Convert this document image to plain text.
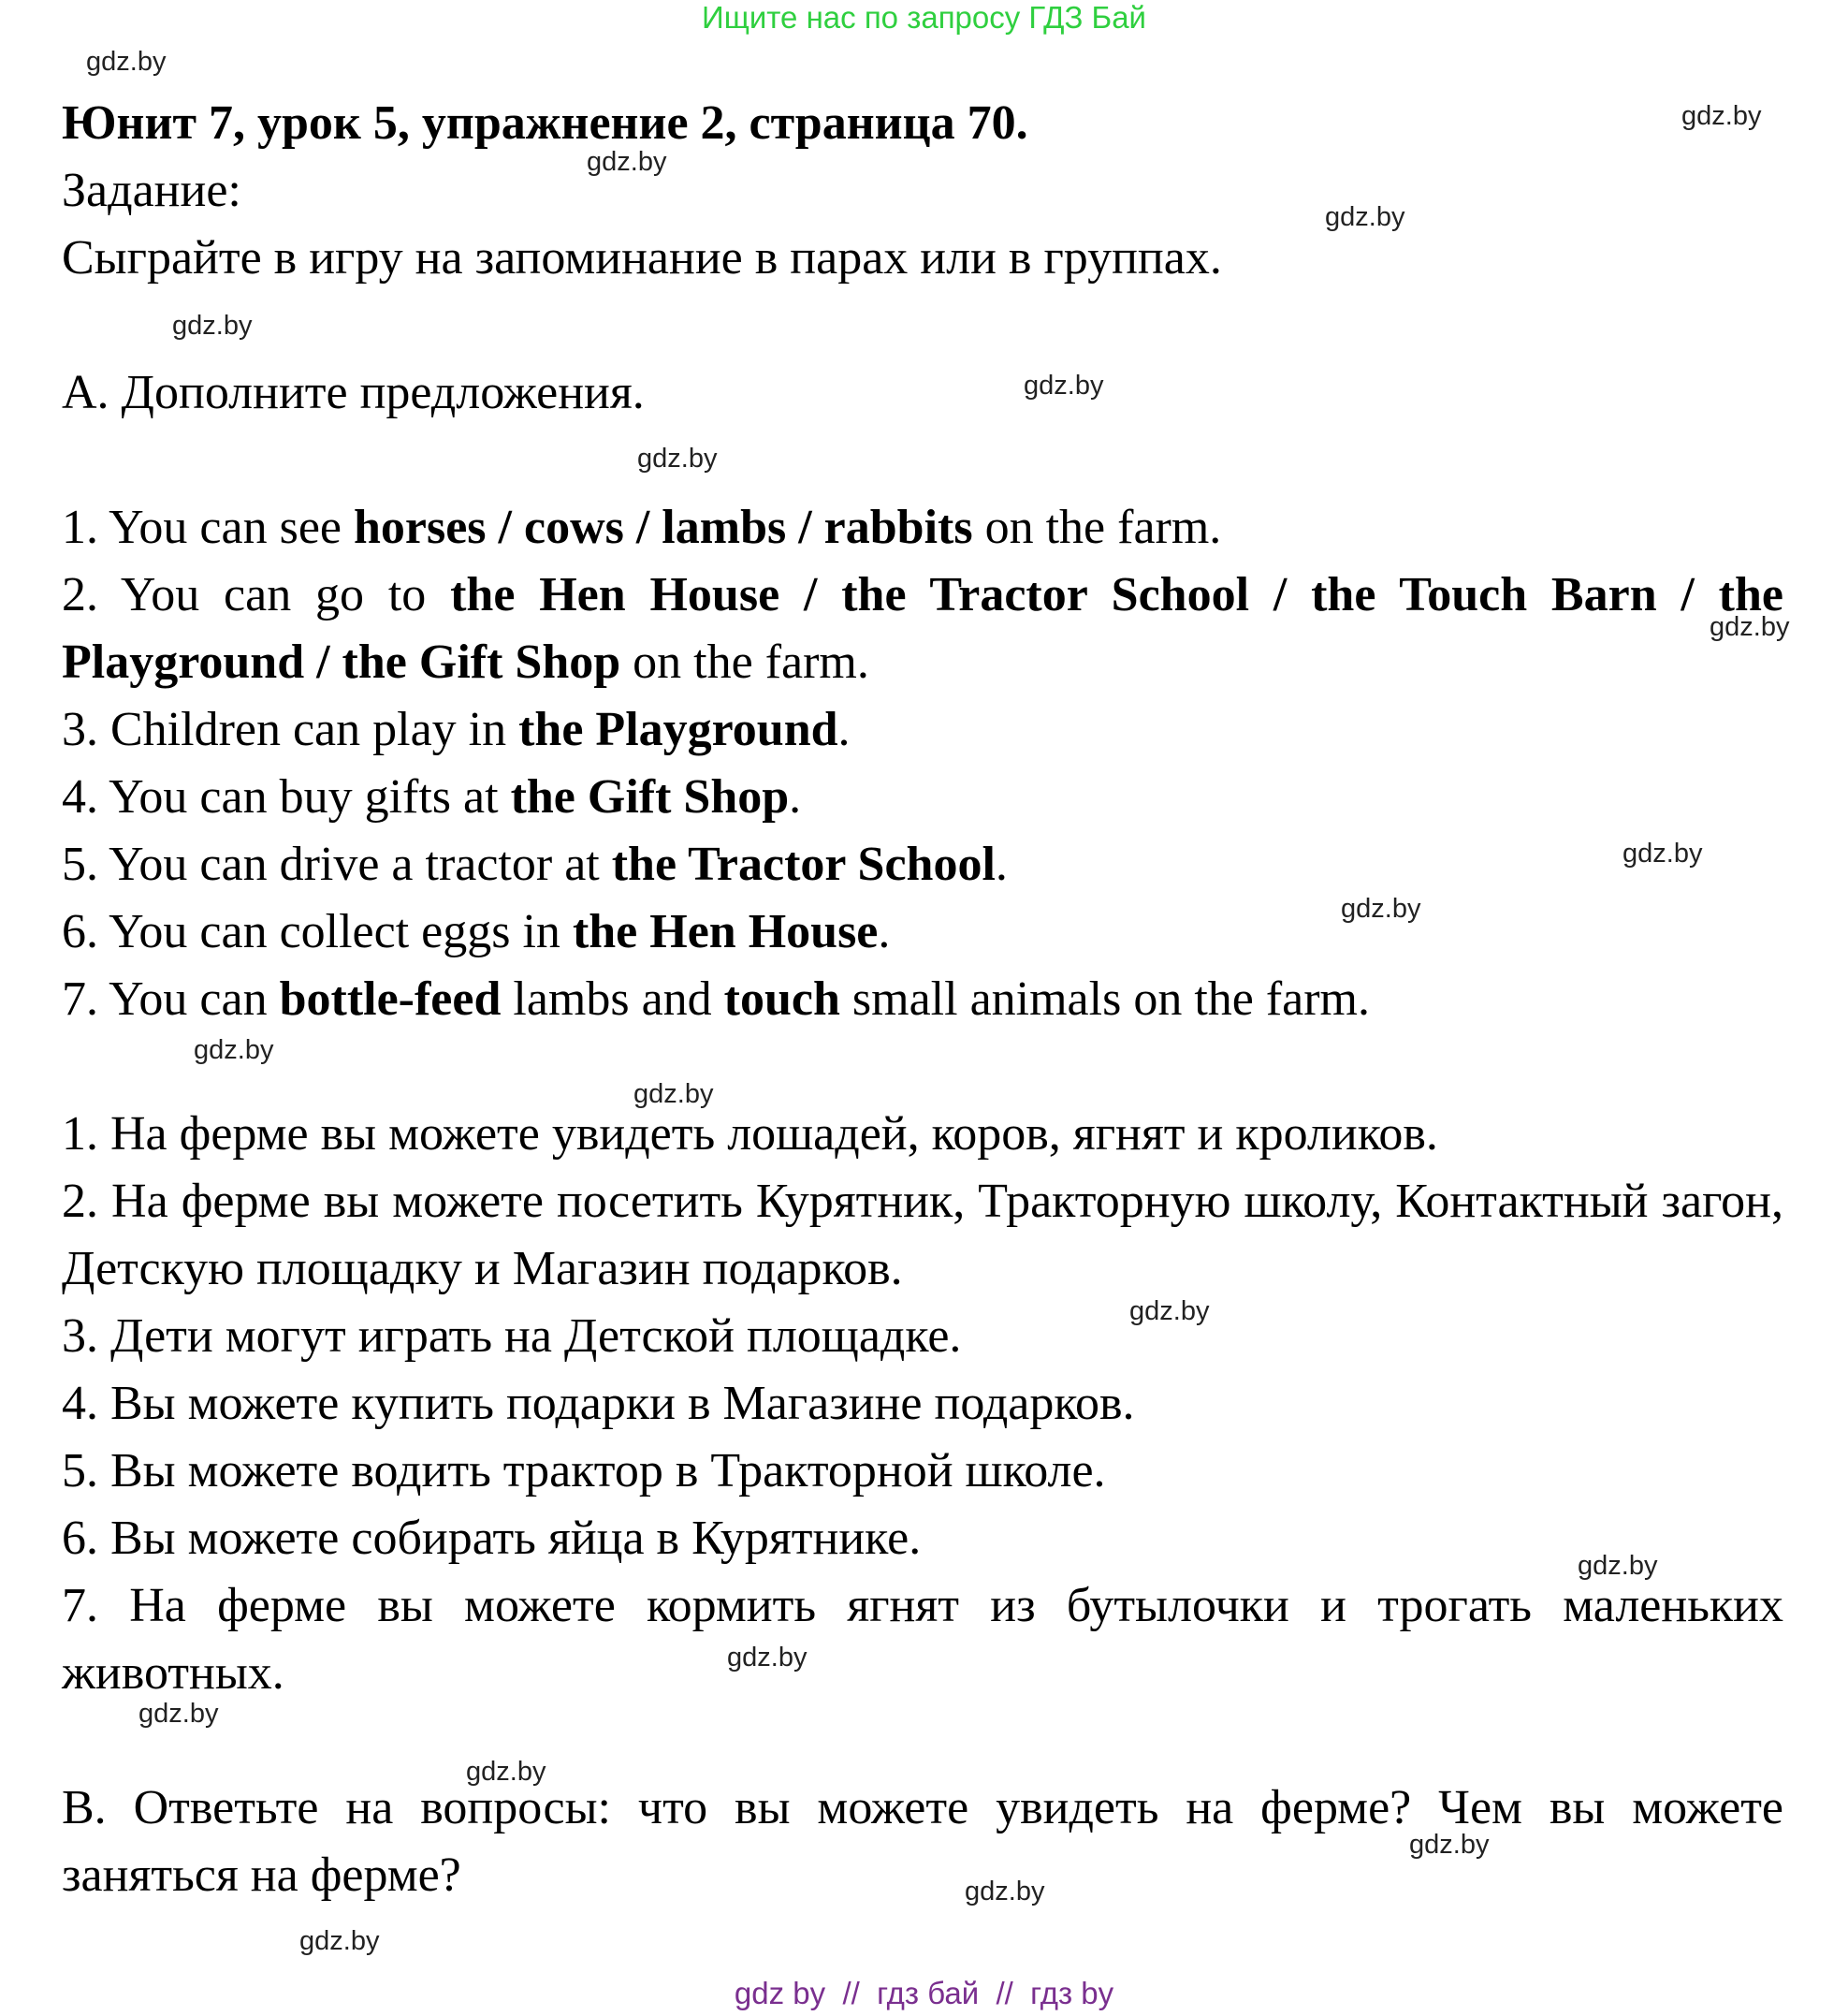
Ищите нас по запросу ГДЗ Бай

Юнит 7, урок 5, упражнение 2, страница 70.

Задание:

Сыграйте в игру на запоминание в парах или в группах.

A. Дополните предложения.

1. You can see horses / cows / lambs / rabbits on the farm.

2. You can go to the Hen House / the Tractor School / the Touch Barn / the Playground / the Gift Shop on the farm.

3. Children can play in the Playground.

4. You can buy gifts at the Gift Shop.

5. You can drive a tractor at the Tractor School.

6. You can collect eggs in the Hen House.

7. You can bottle-feed lambs and touch small animals on the farm.

1. На ферме вы можете увидеть лошадей, коров, ягнят и кроликов.

2. На ферме вы можете посетить Курятник, Тракторную школу, Контактный загон, Детскую площадку и Магазин подарков.

3. Дети могут играть на Детской площадке.

4. Вы можете купить подарки в Магазине подарков.

5. Вы можете водить трактор в Тракторной школе.

6. Вы можете собирать яйца в Курятнике.

7. На ферме вы можете кормить ягнят из бутылочки и трогать маленьких животных.

B. Ответьте на вопросы: что вы можете увидеть на ферме? Чем вы можете заняться на ферме?

gdz.by
gdz.by
gdz.by
gdz.by
gdz.by
gdz.by
gdz.by
gdz.by
gdz.by
gdz.by
gdz.by
gdz.by
gdz.by
gdz.by
gdz.by
gdz.by
gdz.by
gdz.by
gdz.by
gdz.by
gdz by  //  гдз бай  //  гдз by
